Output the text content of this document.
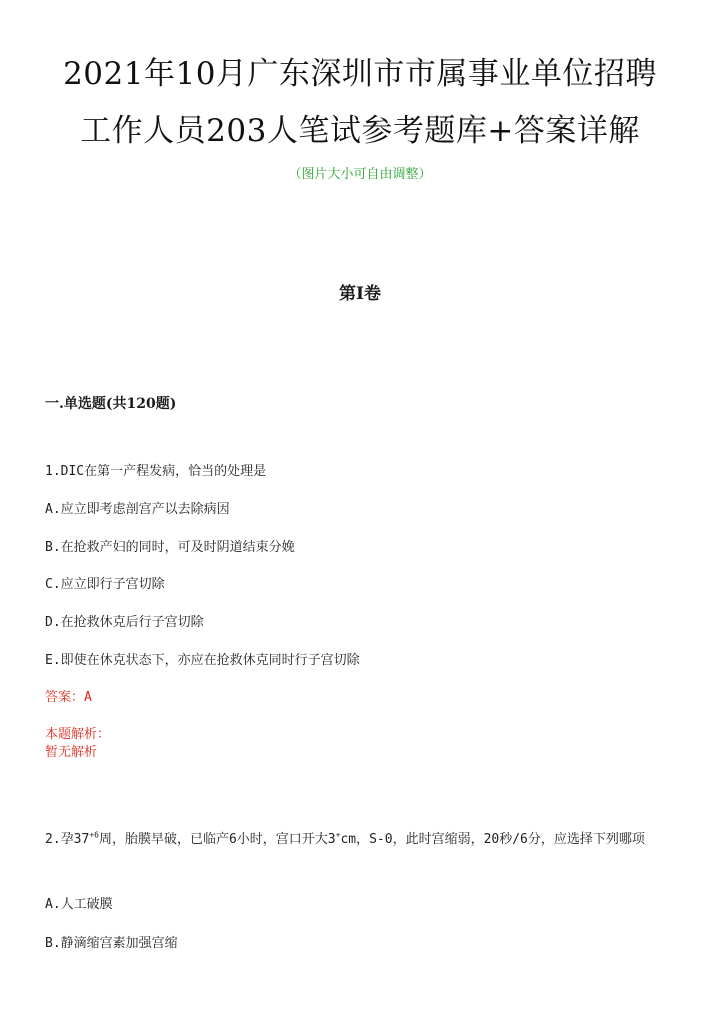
2021年10月广东深圳市市属事业单位招聘
工作人员203人笔试参考题库+答案详解
（图片大小可自由调整）
第I卷
一.单选题(共120题)
1.DIC在第一产程发病，恰当的处理是
A.应立即考虑剖宫产以去除病因
B.在抢救产妇的同时，可及时阴道结束分娩
C.应立即行子宫切除
D.在抢救休克后行子宫切除
E.即使在休克状态下，亦应在抢救休克同时行子宫切除
答案：A
本题解析：
暂无解析
2.孕$37^{+6}$周，胎膜早破，已临产6小时，宫口开大3+cm，S-0，此时宫缩弱，20秒/6分，应选择下列哪项
A.人工破膜
B.静滴缩宫素加强宫缩
